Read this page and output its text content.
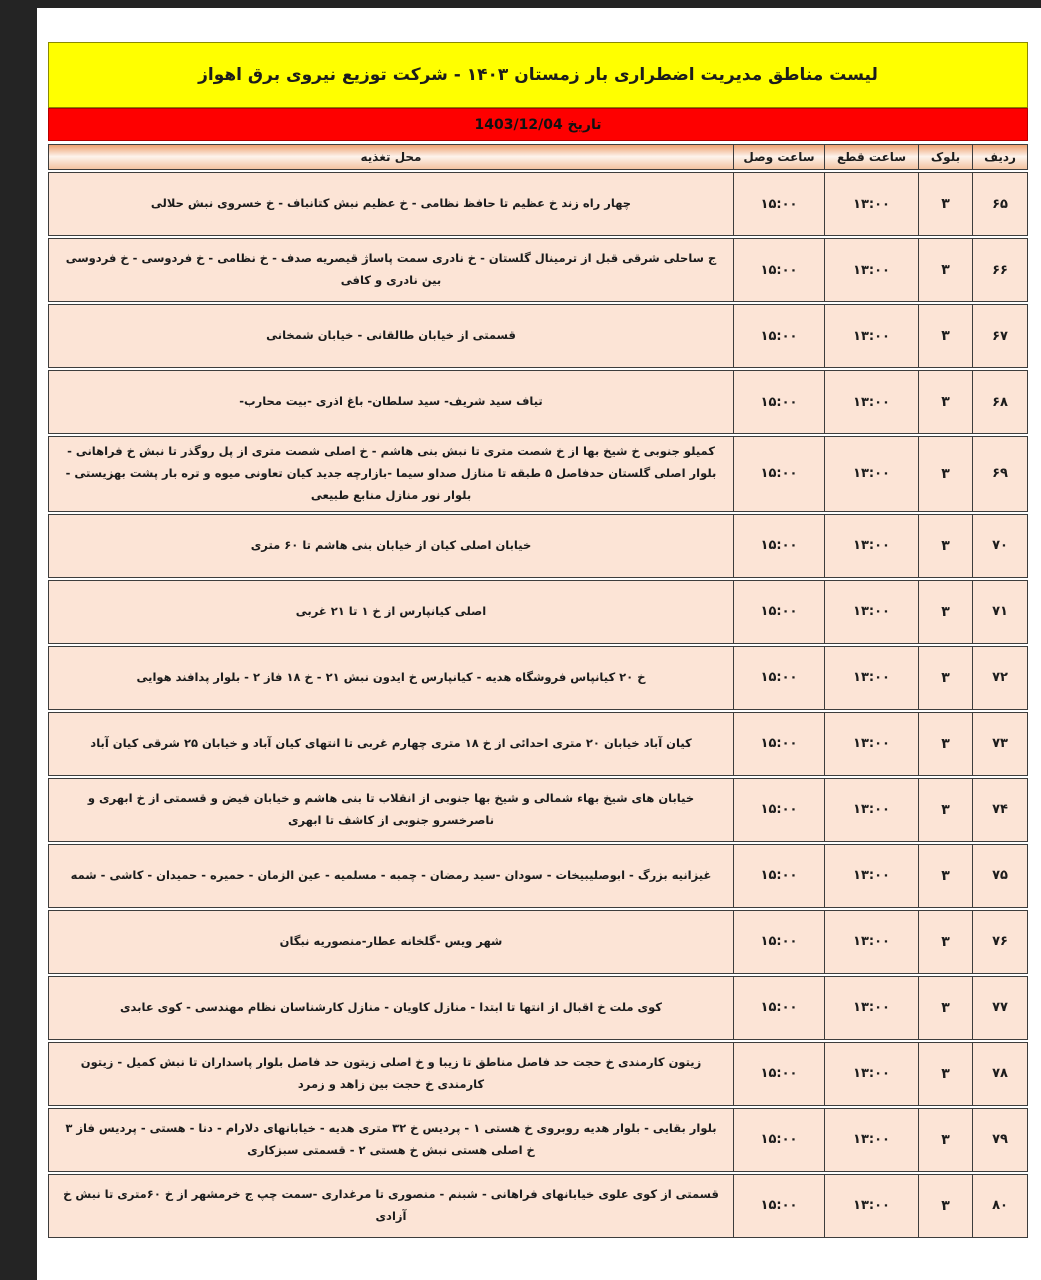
لیست مناطق مدیریت اضطراری بار زمستان ۱۴۰۳ - شرکت توزیع نیروی برق اهواز
تاریخ 1403/12/04
ردیف
بلوک
ساعت قطع
ساعت وصل
محل تغذیه
۶۵
۳
۱۳:۰۰
۱۵:۰۰
چهار راه زند خ عظیم تا حافظ نظامی - خ عظیم نبش کتانباف - خ خسروی نبش حلالی
۶۶
۳
۱۳:۰۰
۱۵:۰۰
ج ساحلی شرقی قبل از ترمینال گلستان - خ نادری سمت پاساژ قیصریه صدف - خ نظامی - خ فردوسی - خ فردوسی بین نادری و کافی
۶۷
۳
۱۳:۰۰
۱۵:۰۰
قسمتی از خیابان طالقانی - خیابان شمخانی
۶۸
۳
۱۳:۰۰
۱۵:۰۰
تیاف سید شریف- سید سلطان- باغ اذری -بیت محارب-
۶۹
۳
۱۳:۰۰
۱۵:۰۰
کمیلو جنوبی خ شیخ بها از خ شصت متری تا نبش بنی هاشم - خ اصلی شصت متری از پل روگذر تا نبش خ فراهانی - بلوار اصلی گلستان حدفاصل ۵ طبقه تا منازل صداو سیما -بازارچه جدید کیان تعاونی میوه و تره بار پشت بهزیستی - بلوار نور منازل منابع طبیعی
۷۰
۳
۱۳:۰۰
۱۵:۰۰
خیابان اصلی کیان از خیابان بنی هاشم تا ۶۰ متری
۷۱
۳
۱۳:۰۰
۱۵:۰۰
اصلی کیانپارس از خ ۱ تا ۲۱ غربی
۷۲
۳
۱۳:۰۰
۱۵:۰۰
خ ۲۰ کیانپاس فروشگاه هدیه - کیانپارس خ ایدون نبش ۲۱ - خ ۱۸ فاز ۲ - بلوار پدافند هوایی
۷۳
۳
۱۳:۰۰
۱۵:۰۰
کیان آباد خیابان ۲۰ متری احدائی از خ ۱۸ متری چهارم غربی تا انتهای کیان آباد و خیابان ۲۵ شرقی کیان آباد
۷۴
۳
۱۳:۰۰
۱۵:۰۰
خیابان های شیخ بهاء شمالی و شیخ بها جنوبی از انقلاب تا بنی هاشم و خیابان فیض و قسمتی از خ ابهری و ناصرخسرو جنوبی از کاشف تا ابهری
۷۵
۳
۱۳:۰۰
۱۵:۰۰
غیزانیه بزرگ - ابوصلیبیخات - سودان -سید رمضان - چمبه - مسلمیه - عین الزمان - حمیره - حمیدان - کاشی - شمه
۷۶
۳
۱۳:۰۰
۱۵:۰۰
شهر ویس -گلخانه عطار-منصوریه نبگان
۷۷
۳
۱۳:۰۰
۱۵:۰۰
کوی ملت خ اقبال از انتها تا ابتدا - منازل کاویان - منازل کارشناسان نظام مهندسی - کوی عابدی
۷۸
۳
۱۳:۰۰
۱۵:۰۰
زیتون کارمندی خ حجت حد فاصل مناطق تا زیبا و خ اصلی زیتون حد فاصل بلوار پاسداران تا نبش کمیل - زیتون کارمندی خ حجت بین زاهد و زمرد
۷۹
۳
۱۳:۰۰
۱۵:۰۰
بلوار بقایی - بلوار هدیه روبروی خ هستی ۱ - پردیس خ ۳۲ متری هدیه - خیابانهای دلارام - دنا - هستی - پردیس فاز ۳ خ اصلی هستی نبش خ هستی ۲ - قسمتی سبزکاری
۸۰
۳
۱۳:۰۰
۱۵:۰۰
قسمتی از کوی علوی خیابانهای فراهانی - شبنم - منصوری تا مرغداری -سمت چپ ج خرمشهر از خ ۶۰متری تا نبش خ آزادی
